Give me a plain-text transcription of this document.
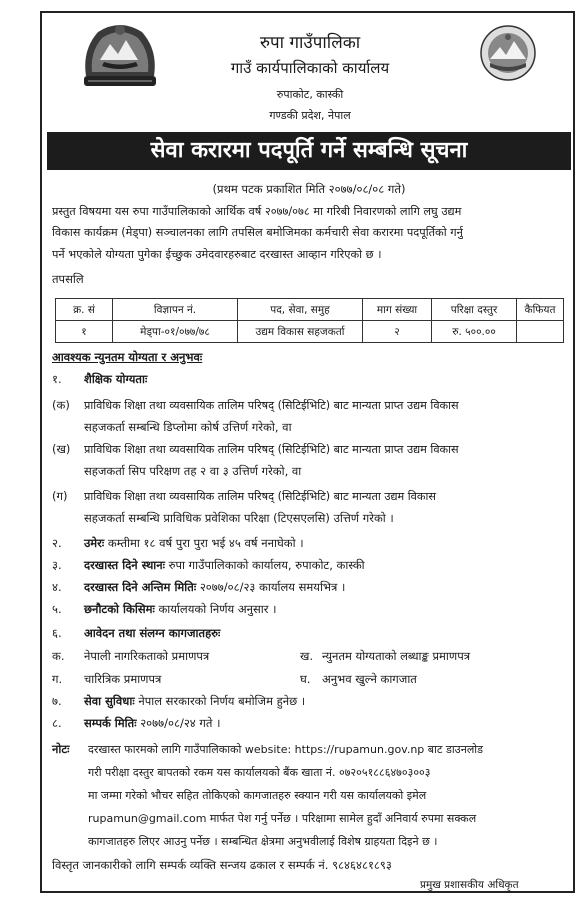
रुपा गाउँपालिका
गाउँ कार्यपालिकाको कार्यालय
रुपाकोट, कास्की
गण्डकी प्रदेश, नेपाल
सेवा करारमा पदपूर्ति गर्ने सम्बन्धि सूचना
(प्रथम पटक प्रकाशित मिति २०७७/०८/०८ गते)
प्रस्तुत विषयमा यस रुपा गाउँपालिकाको आर्थिक वर्ष २०७७/०७८ मा गरिबी निवारणको लागि लघु उद्यम
विकास कार्यक्रम (मेड्पा) सञ्चालनका लागि तपसिल बमोजिमका कर्मचारी सेवा करारमा पदपूर्तिको गर्नु
पर्ने भएकोले योग्यता पुगेका ईच्छुक उमेदवारहरुबाट दरखास्त आव्हान गरिएको छ ।
तपसलि
क्र. सं	विज्ञापन नं.	पद, सेवा, समुह	माग संख्या	परिक्षा दस्तुर	कैफियत
१	मेड्पा-०१/०७७/७८	उद्यम विकास सहजकर्ता	२	रु. ५००.००	
आवश्यक न्युनतम योग्यता र अनुभवः
१. शैक्षिक योग्यताः
(क) प्राविधिक शिक्षा तथा व्यवसायिक तालिम परिषद् (सिटिईभिटि) बाट मान्यता प्राप्त उद्यम विकास
सहजकर्ता सम्बन्धि डिप्लोमा कोर्ष उत्तिर्ण गरेको, वा
(ख) प्राविधिक शिक्षा तथा व्यवसायिक तालिम परिषद् (सिटिईभिटि) बाट मान्यता प्राप्त उद्यम विकास
सहजकर्ता सिप परिक्षण तह २ वा ३ उत्तिर्ण गरेको, वा
(ग) प्राविधिक शिक्षा तथा व्यवसायिक तालिम परिषद् (सिटिईभिटि) बाट मान्यता उद्यम विकास
सहजकर्ता सम्बन्धि प्राविधिक प्रवेशिका परिक्षा (टिएसएलसि) उत्तिर्ण गरेको ।
२. उमेरः कम्तीमा १८ वर्ष पुरा पुरा भई ४५ वर्ष ननाघेको ।
३. दरखास्त दिने स्थानः रुपा गाउँपालिकाको कार्यालय, रुपाकोट, कास्की
४. दरखास्त दिने अन्तिम मितिः २०७७/०८/२३ कार्यालय समयभित्र ।
५. छनौटको किसिमः कार्यालयको निर्णय अनुसार ।
६. आवेदन तथा संलग्न कागजातहरुः
क. नेपाली नागरिकताको प्रमाणपत्र	ख. न्युनतम योग्यताको लब्धाङ्क प्रमाणपत्र
ग. चारित्रिक प्रमाणपत्र	घ. अनुभव खुल्ने कागजात
७. सेवा सुविधाः नेपाल सरकारको निर्णय बमोजिम हुनेछ ।
८. सम्पर्क मितिः २०७७/०८/२४ गते ।
नोटः दरखास्त फारमको लागि गाउँपालिकाको website: https://rupamun.gov.np बाट डाउनलोड
गरी परीक्षा दस्तुर बापतको रकम यस कार्यालयको बैंक खाता नं. ०७२०५१८८६४७०३००३
मा जम्मा गरेको भौचर सहित तोकिएको कागजातहरु स्क्यान गरी यस कार्यालयको इमेल
rupamun@gmail.com मार्फत पेश गर्नु पर्नेछ । परिक्षामा सामेल हुदाँ अनिवार्य रुपमा सक्कल
कागजातहरु लिएर आउनु पर्नेछ । सम्बन्धित क्षेत्रमा अनुभवीलाई विशेष ग्राहयता दिइने छ ।
विस्तृत जानकारीको लागि सम्पर्क व्यक्ति सन्जय ढकाल र सम्पर्क नं. ९८४६४८१८९३
प्रमुख प्रशासकीय अधिकृत
